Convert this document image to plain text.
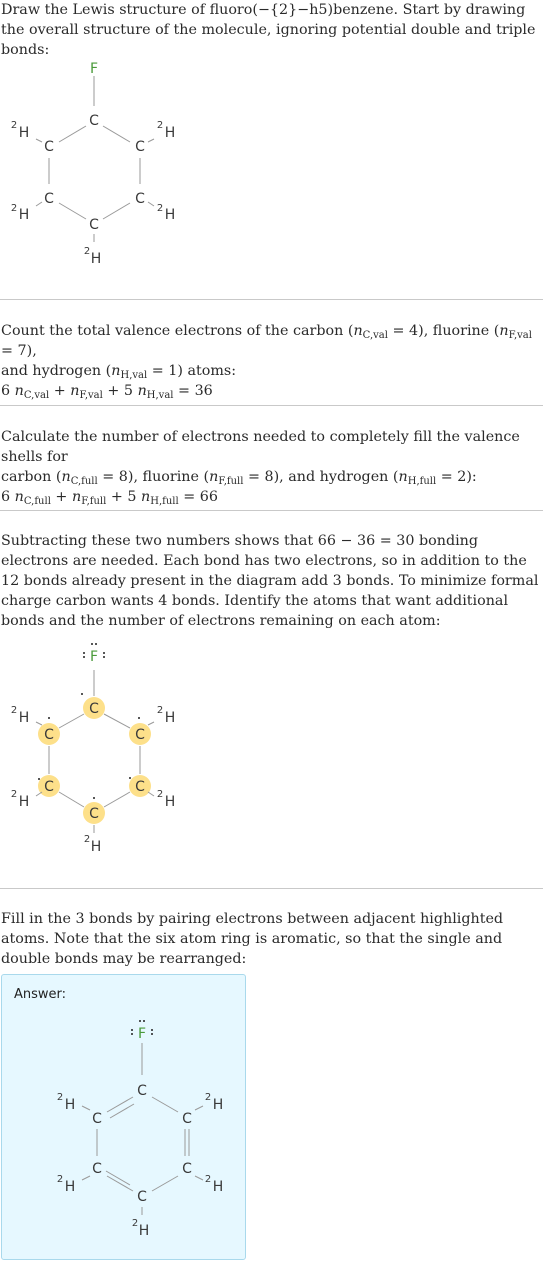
Draw the Lewis structure of fluoro(−{2}−h5)benzene. Start by drawing the overall structure of the molecule, ignoring potential double and triple bonds:

F
C
C
C
C
C
C
H	H
H	H
H
2	2
2	2
2

Count the total valence electrons of the carbon $(n_{C,val} = 4)$, fluorine $(n_{F,val} = 7)$,

and hydrogen $(n_{H,val} = 1)$ atoms:

6 $n_{C,val} + n_{F,val} + 5$ $n_{H,val} = 36$

Calculate the number of electrons needed to completely fill the valence shells for

carbon $(n_{C,full} = 8)$, fluorine $(n_{F,full} = 8)$, and hydrogen $(n_{H,full} = 2)$:

6 $n_{C,full} + n_{F,full} + 5$ $n_{H,full} = 66$

Subtracting these two numbers shows that 66 − 36 = 30 bonding electrons are needed. Each bond has two electrons, so in addition to the 12 bonds already present in the diagram add 3 bonds. To minimize formal charge carbon wants 4 bonds. Identify the atoms that want additional bonds and the number of electrons remaining on each atom:

F
C
C
C
C
C
C
H	H
H	H
H
2	2
2	2
2

Fill in the 3 bonds by pairing electrons between adjacent highlighted atoms. Note that the six atom ring is aromatic, so that the single and double bonds may be rearranged:

Answer:
F
C
C
C
C
C
C
H	H
H	H
H
2	2
2	2
2
